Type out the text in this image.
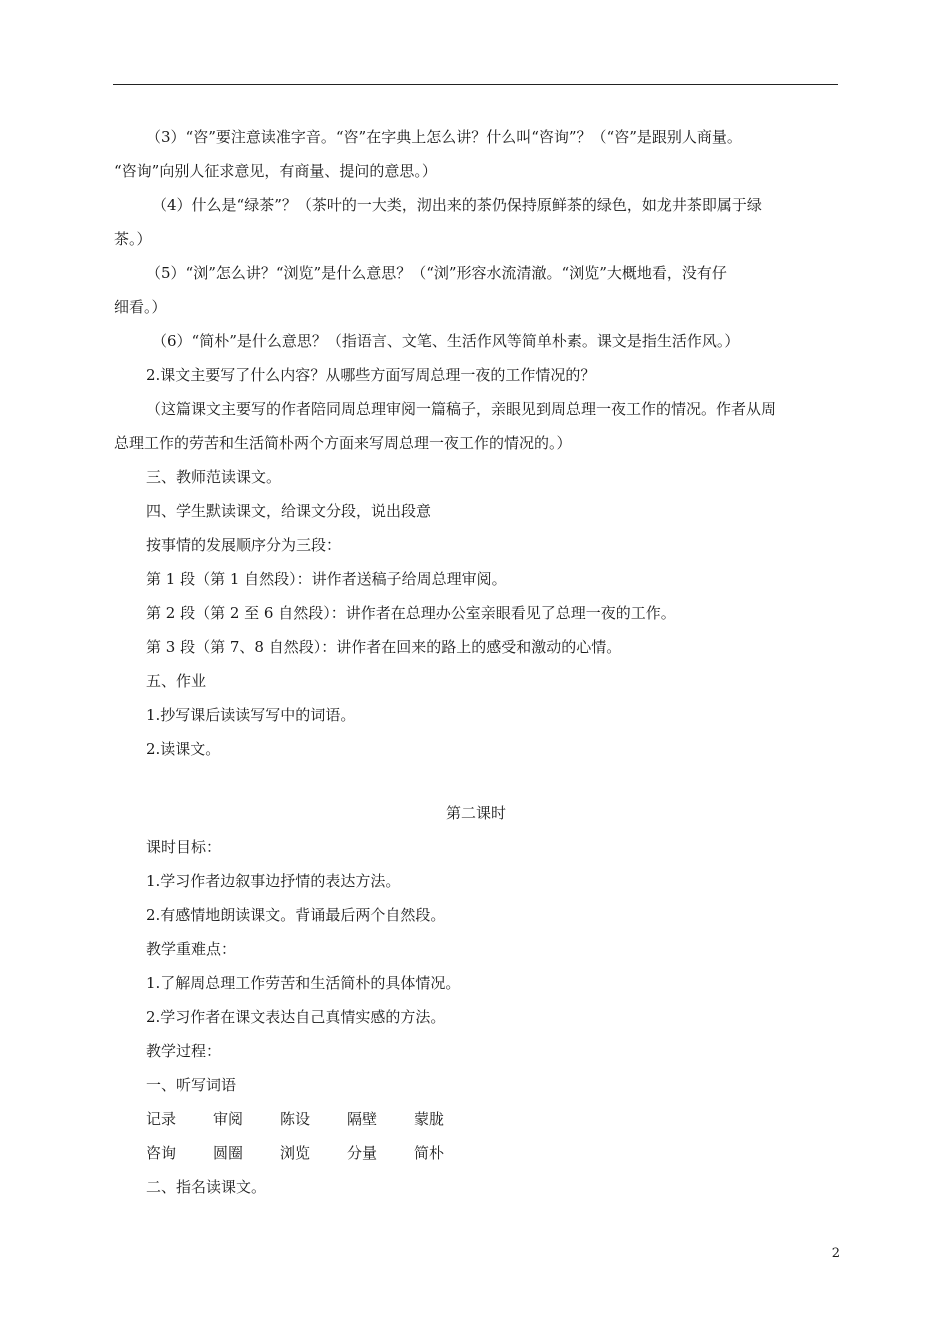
（3）“咨”要注意读准字音。“咨”在字典上怎么讲？什么叫“咨询”？（“咨”是跟别人商量。
“咨询”向别人征求意见，有商量、提问的意思。）
（4）什么是“绿茶”？（茶叶的一大类，沏出来的茶仍保持原鲜茶的绿色，如龙井茶即属于绿
茶。）
（5）“浏”怎么讲？“浏览”是什么意思？（“浏”形容水流清澈。“浏览”大概地看，没有仔
细看。）
（6）“简朴”是什么意思？（指语言、文笔、生活作风等简单朴素。课文是指生活作风。）
2.课文主要写了什么内容？从哪些方面写周总理一夜的工作情况的？
（这篇课文主要写的作者陪同周总理审阅一篇稿子，亲眼见到周总理一夜工作的情况。作者从周
总理工作的劳苦和生活简朴两个方面来写周总理一夜工作的情况的。）
三、教师范读课文。
四、学生默读课文，给课文分段，说出段意
按事情的发展顺序分为三段：
第 1 段（第 1 自然段）：讲作者送稿子给周总理审阅。
第 2 段（第 2 至 6 自然段）：讲作者在总理办公室亲眼看见了总理一夜的工作。
第 3 段（第 7、8 自然段）：讲作者在回来的路上的感受和激动的心情。
五、作业
1.抄写课后读读写写中的词语。
2.读课文。
第二课时
课时目标：
1.学习作者边叙事边抒情的表达方法。
2.有感情地朗读课文。背诵最后两个自然段。
教学重难点：
1.了解周总理工作劳苦和生活简朴的具体情况。
2.学习作者在课文表达自己真情实感的方法。
教学过程：
一、听写词语
记录	审阅	陈设	隔壁	蒙胧
咨询	圆圈	浏览	分量	简朴
二、指名读课文。
2
